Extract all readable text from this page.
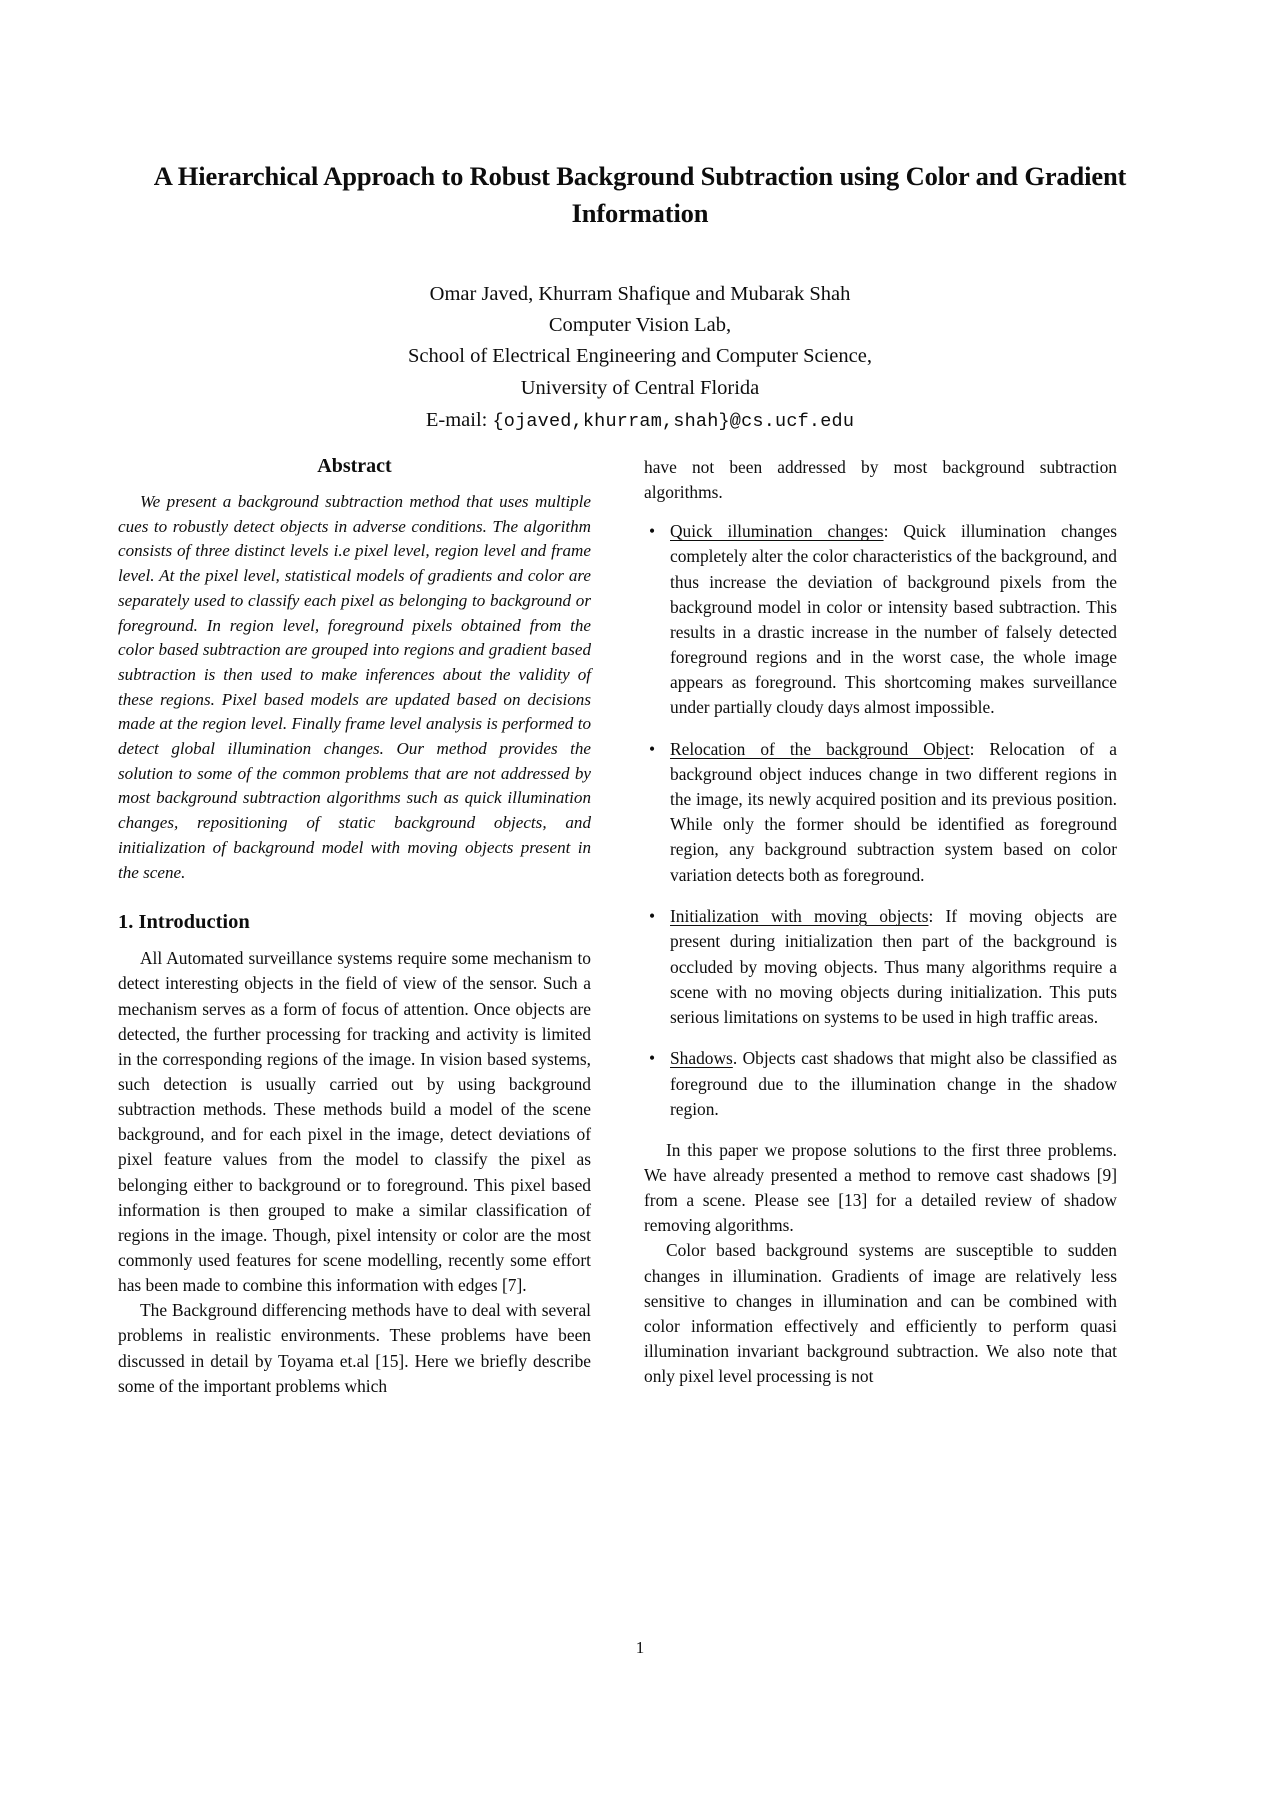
A Hierarchical Approach to Robust Background Subtraction using Color and Gradient Information
Omar Javed, Khurram Shafique and Mubarak Shah
Computer Vision Lab,
School of Electrical Engineering and Computer Science,
University of Central Florida
E-mail: {ojaved,khurram,shah}@cs.ucf.edu
Abstract

We present a background subtraction method that uses multiple cues to robustly detect objects in adverse conditions. The algorithm consists of three distinct levels i.e pixel level, region level and frame level. At the pixel level, statistical models of gradients and color are separately used to classify each pixel as belonging to background or foreground. In region level, foreground pixels obtained from the color based subtraction are grouped into regions and gradient based subtraction is then used to make inferences about the validity of these regions. Pixel based models are updated based on decisions made at the region level. Finally frame level analysis is performed to detect global illumination changes. Our method provides the solution to some of the common problems that are not addressed by most background subtraction algorithms such as quick illumination changes, repositioning of static background objects, and initialization of background model with moving objects present in the scene.

1. Introduction

All Automated surveillance systems require some mechanism to detect interesting objects in the field of view of the sensor. Such a mechanism serves as a form of focus of attention. Once objects are detected, the further processing for tracking and activity is limited in the corresponding regions of the image. In vision based systems, such detection is usually carried out by using background subtraction methods. These methods build a model of the scene background, and for each pixel in the image, detect deviations of pixel feature values from the model to classify the pixel as belonging either to background or to foreground. This pixel based information is then grouped to make a similar classification of regions in the image. Though, pixel intensity or color are the most commonly used features for scene modelling, recently some effort has been made to combine this information with edges [7].

The Background differencing methods have to deal with several problems in realistic environments. These problems have been discussed in detail by Toyama et.al [15]. Here we briefly describe some of the important problems which

have not been addressed by most background subtraction algorithms.

• Quick illumination changes: Quick illumination changes completely alter the color characteristics of the background, and thus increase the deviation of background pixels from the background model in color or intensity based subtraction. This results in a drastic increase in the number of falsely detected foreground regions and in the worst case, the whole image appears as foreground. This shortcoming makes surveillance under partially cloudy days almost impossible.
• Relocation of the background Object: Relocation of a background object induces change in two different regions in the image, its newly acquired position and its previous position. While only the former should be identified as foreground region, any background subtraction system based on color variation detects both as foreground.
• Initialization with moving objects: If moving objects are present during initialization then part of the background is occluded by moving objects. Thus many algorithms require a scene with no moving objects during initialization. This puts serious limitations on systems to be used in high traffic areas.
• Shadows. Objects cast shadows that might also be classified as foreground due to the illumination change in the shadow region.

In this paper we propose solutions to the first three problems. We have already presented a method to remove cast shadows [9] from a scene. Please see [13] for a detailed review of shadow removing algorithms.

Color based background systems are susceptible to sudden changes in illumination. Gradients of image are relatively less sensitive to changes in illumination and can be combined with color information effectively and efficiently to perform quasi illumination invariant background subtraction. We also note that only pixel level processing is not

1
